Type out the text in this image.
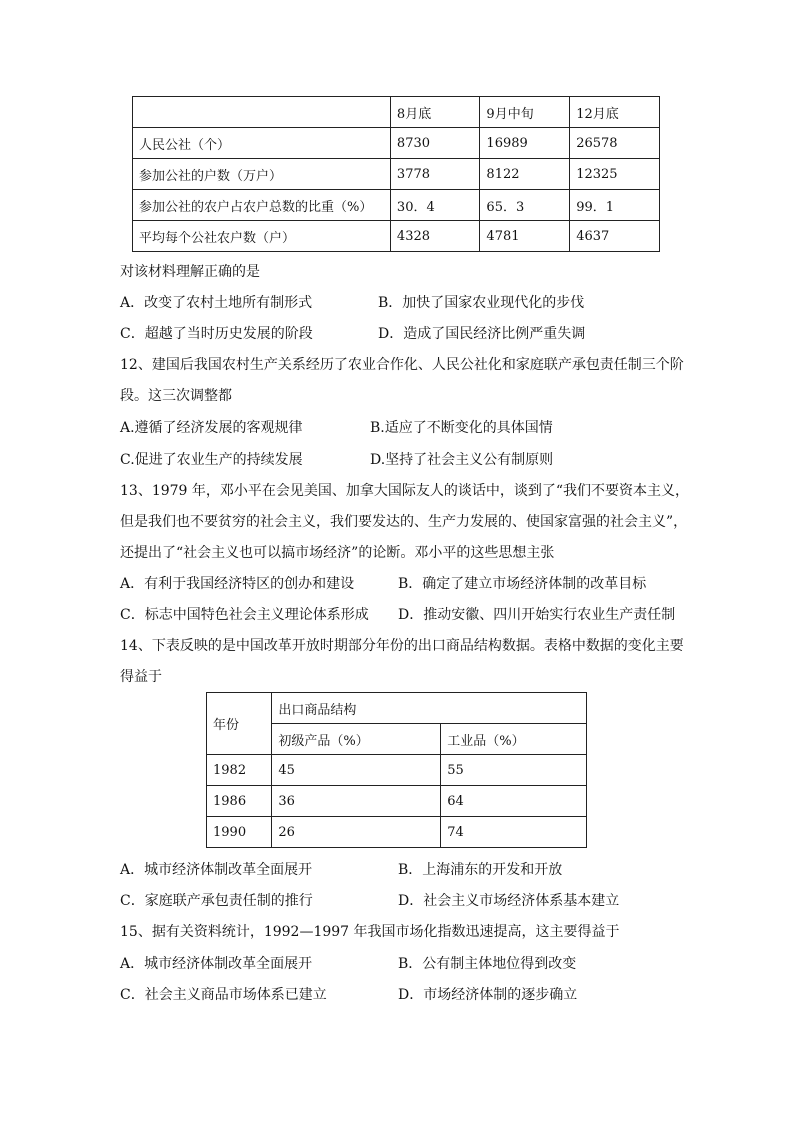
	8月底	9月中旬	12月底
人民公社（个）	8730	16989	26578
参加公社的户数（万户）	3778	8122	12325
参加公社的农户占农户总数的比重（%）	30．4	65．3	99．1
平均每个公社农户数（户）	4328	4781	4637
对该材料理解正确的是
A．改变了农村土地所有制形式	B．加快了国家农业现代化的步伐
C．超越了当时历史发展的阶段	D．造成了国民经济比例严重失调
12、建国后我国农村生产关系经历了农业合作化、人民公社化和家庭联产承包责任制三个阶
段。这三次调整都
A.遵循了经济发展的客观规律	B.适应了不断变化的具体国情
C.促进了农业生产的持续发展	D.坚持了社会主义公有制原则
13、1979 年，邓小平在会见美国、加拿大国际友人的谈话中，谈到了“我们不要资本主义，
但是我们也不要贫穷的社会主义，我们要发达的、生产力发展的、使国家富强的社会主义”，
还提出了“社会主义也可以搞市场经济”的论断。邓小平的这些思想主张
A．有利于我国经济特区的创办和建设	B．确定了建立市场经济体制的改革目标
C．标志中国特色社会主义理论体系形成 D．推动安徽、四川开始实行农业生产责任制
14、下表反映的是中国改革开放时期部分年份的出口商品结构数据。表格中数据的变化主要
得益于
年份	出口商品结构	
	初级产品（%）	工业品（%）
1982	45	55
1986	36	64
1990	26	74
A．城市经济体制改革全面展开	B．上海浦东的开发和开放
C．家庭联产承包责任制的推行	D．社会主义市场经济体系基本建立
15、据有关资料统计，1992—1997 年我国市场化指数迅速提高，这主要得益于
A．城市经济体制改革全面展开	B．公有制主体地位得到改变
C．社会主义商品市场体系已建立	D．市场经济体制的逐步确立
